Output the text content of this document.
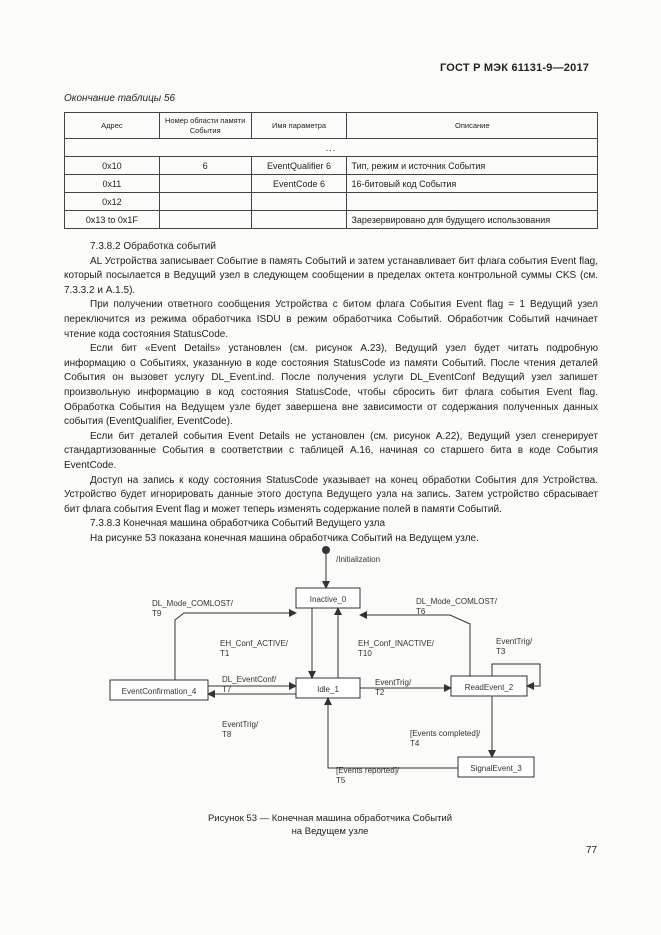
ГОСТ Р МЭК 61131-9—2017
Окончание таблицы 56
Адрес	Номер области памяти События	Имя параметра	Описание
...			
0x10	6	EventQualifier 6	Тип, режим и источник События
0x11		EventCode 6	16-битовый код События
0x12			
0x13 to 0x1F			Зарезервировано для будущего использования

7.3.8.2 Обработка событий

AL Устройства записывает Событие в память Событий и затем устанавливает бит флага события Event flag, который посылается в Ведущий узел в следующем сообщении в пределах октета контрольной суммы CKS (см. 7.3.3.2 и A.1.5).

При получении ответного сообщения Устройства с битом флага События Event flag = 1 Ведущий узел переключится из режима обработчика ISDU в режим обработчика Событий. Обработчик Событий начинает чтение кода состояния StatusCode.

Если бит «Event Details» установлен (см. рисунок A.23), Ведущий узел будет читать подробную информацию о Событиях, указанную в коде состояния StatusCode из памяти Событий. После чтения деталей События он вызовет услугу DL_Event.ind. После получения услуги DL_EventConf Ведущий узел запишет произвольную информацию в код состояния StatusCode, чтобы сбросить бит флага события Event flag. Обработка События на Ведущем узле будет завершена вне зависимости от содержания полученных данных события (EventQualifier, EventCode).

Если бит деталей события Event Details не установлен (см. рисунок A.22), Ведущий узел сгенерирует стандартизованные События в соответствии с таблицей A.16, начиная со старшего бита в коде События EventCode.

Доступ на запись к коду состояния StatusCode указывает на конец обработки События для Устройства. Устройство будет игнорировать данные этого доступа Ведущего узла на запись. Затем устройство сбрасывает бит флага события Event flag и может теперь изменять содержание полей в памяти Событий.

7.3.8.3 Конечная машина обработчика Событий Ведущего узла

На рисунке 53 показана конечная машина обработчика Событий на Ведущем узле.

/Initialization
Inactive_0
Idle_1	ReadEvent_2
SignalEvent_3
EventConfirmation_4
DL_Mode_COMLOST/
T9
DL_Mode_COMLOST/
T6
EH_Conf_ACTIVE/
T1
EH_Conf_INACTIVE/
T10
EventTrig/
T3
DL_EventConf/
T7
EventTrig/
T2
EventTrig/
T8	[Events completed]/
T4
[Events reported]/
T5
Рисунок 53 — Конечная машина обработчика Событий
на Ведущем узле
77
